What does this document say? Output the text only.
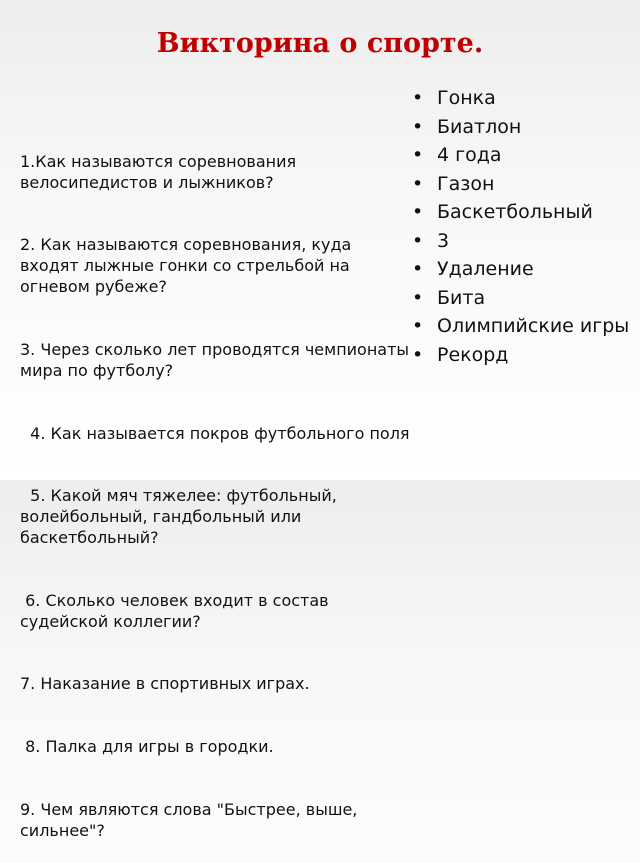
Викторина о спорте.

1.Как называются соревнования велосипедистов и лыжников?

2. Как называются соревнования, куда входят лыжные гонки со стрельбой на огневом рубеже?

3. Через сколько лет проводятся чемпионаты мира по футболу?

4. Как называется покров футбольного поля

5. Какой мяч тяжелее: футбольный, волейбольный, гандбольный или баскетбольный?

6. Сколько человек входит в состав судейской коллегии?

7. Наказание в спортивных играх.

8. Палка для игры в городки.

9. Чем являются слова "Быстрее, выше, сильнее"?

• Гонка
• Биатлон
• 4 года
• Газон
• Баскетбольный
• 3
• Удаление
• Бита
• Олимпийские игры
• Рекорд
